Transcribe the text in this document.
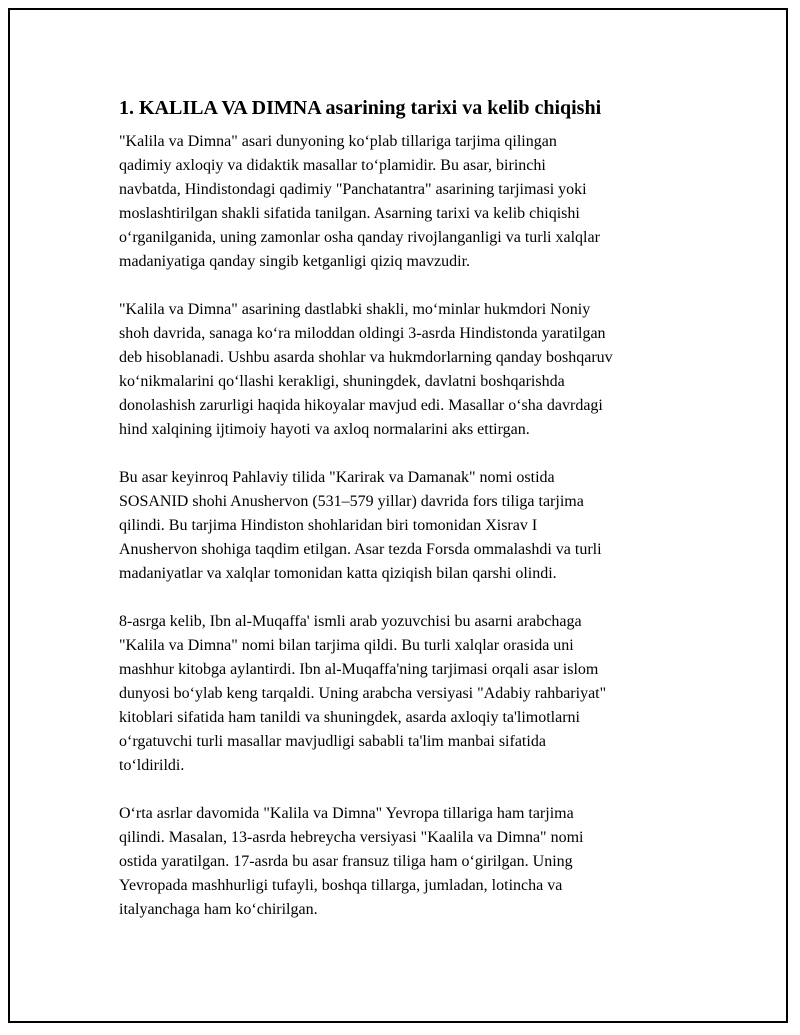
1. KALILA VA DIMNA asarining tarixi va kelib chiqishi

"Kalila va Dimna" asari dunyoning koʻplab tillariga tarjima qilingan
qadimiy axloqiy va didaktik masallar toʻplamidir. Bu asar, birinchi
navbatda, Hindistondagi qadimiy "Panchatantra" asarining tarjimasi yoki
moslashtirilgan shakli sifatida tanilgan. Asarning tarixi va kelib chiqishi
oʻrganilganida, uning zamonlar osha qanday rivojlanganligi va turli xalqlar
madaniyatiga qanday singib ketganligi qiziq mavzudir.

"Kalila va Dimna" asarining dastlabki shakli, moʻminlar hukmdori Noniy
shoh davrida, sanaga koʻra miloddan oldingi 3-asrda Hindistonda yaratilgan
deb hisoblanadi. Ushbu asarda shohlar va hukmdorlarning qanday boshqaruv
koʻnikmalarini qoʻllashi kerakligi, shuningdek, davlatni boshqarishda
donolashish zarurligi haqida hikoyalar mavjud edi. Masallar oʻsha davrdagi
hind xalqining ijtimoiy hayoti va axloq normalarini aks ettirgan.

Bu asar keyinroq Pahlaviy tilida "Karirak va Damanak" nomi ostida
SOSANID shohi Anushervon (531–579 yillar) davrida fors tiliga tarjima
qilindi. Bu tarjima Hindiston shohlaridan biri tomonidan Xisrav I
Anushervon shohiga taqdim etilgan. Asar tezda Forsda ommalashdi va turli
madaniyatlar va xalqlar tomonidan katta qiziqish bilan qarshi olindi.

8-asrga kelib, Ibn al-Muqaffa' ismli arab yozuvchisi bu asarni arabchaga
"Kalila va Dimna" nomi bilan tarjima qildi. Bu turli xalqlar orasida uni
mashhur kitobga aylantirdi. Ibn al-Muqaffa'ning tarjimasi orqali asar islom
dunyosi boʻylab keng tarqaldi. Uning arabcha versiyasi "Adabiy rahbariyat"
kitoblari sifatida ham tanildi va shuningdek, asarda axloqiy ta'limotlarni
oʻrgatuvchi turli masallar mavjudligi sababli ta'lim manbai sifatida
toʻldirildi.

Oʻrta asrlar davomida "Kalila va Dimna" Yevropa tillariga ham tarjima
qilindi. Masalan, 13-asrda hebreycha versiyasi "Kaalila va Dimna" nomi
ostida yaratilgan. 17-asrda bu asar fransuz tiliga ham oʻgirilgan. Uning
Yevropada mashhurligi tufayli, boshqa tillarga, jumladan, lotincha va
italyanchaga ham koʻchirilgan.
